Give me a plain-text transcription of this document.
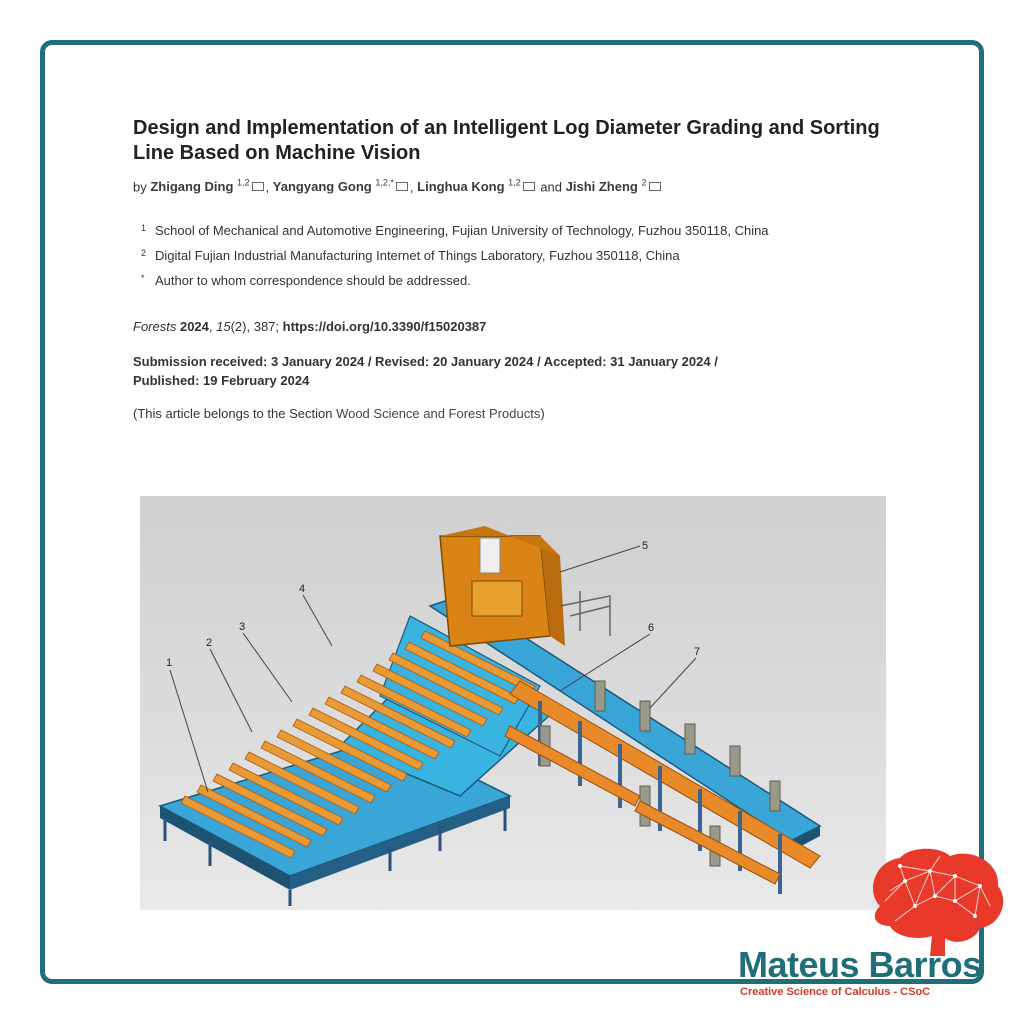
Design and Implementation of an Intelligent Log Diameter Grading and Sorting Line Based on Machine Vision
by Zhigang Ding $^{1,2}$ , Yangyang Gong $^{1,2,*}$ , Linghua Kong $^{1,2}$ and Jishi Zheng $^2$
1 School of Mechanical and Automotive Engineering, Fujian University of Technology, Fuzhou 350118, China
2 Digital Fujian Industrial Manufacturing Internet of Things Laboratory, Fuzhou 350118, China
* Author to whom correspondence should be addressed.
Forests 2024, 15(2), 387; https://doi.org/10.3390/f15020387
Submission received: 3 January 2024 / Revised: 20 January 2024 / Accepted: 31 January 2024 /
Published: 19 February 2024
(This article belongs to the Section Wood Science and Forest Products)
1
2
3
4
5
6
7
Mateus Barros
Creative Science of Calculus - CSoC
